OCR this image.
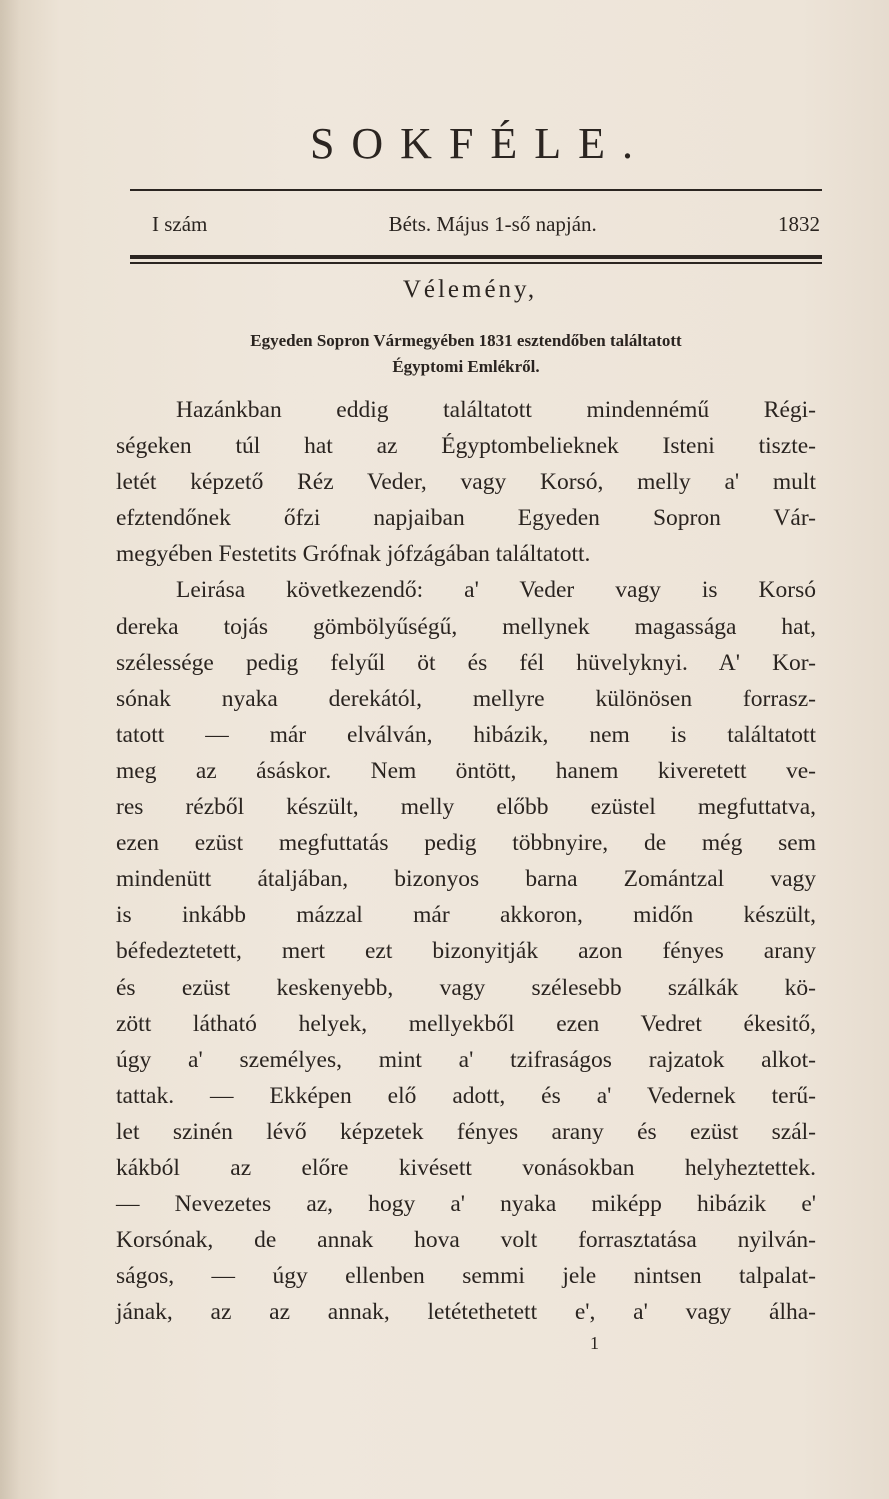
SOKFÉLE.
I szám	Béts. Május 1-ső napján.	1832
Vélemény,
Egyeden Sopron Vármegyében 1831 esztendőben találtatott
Égyptomi Emlékről.
Hazánkban eddig találtatott mindennémű Régi-
ségeken túl hat az Égyptombelieknek Isteni tiszte-
letét képzető Réz Veder, vagy Korsó, melly a' mult
efztendőnek őfzi napjaiban Egyeden Sopron Vár-
megyében Festetits Grófnak jófzágában találtatott.
Leirása következendő: a' Veder vagy is Korsó
dereka tojás gömbölyűségű, mellynek magassága hat,
szélessége pedig felyűl öt és fél hüvelyknyi. A' Kor-
sónak nyaka derekától, mellyre különösen forrasz-
tatott — már elválván, hibázik, nem is találtatott
meg az ásáskor. Nem öntött, hanem kiveretett ve-
res rézből készült, melly előbb ezüstel megfuttatva,
ezen ezüst megfuttatás pedig többnyire, de még sem
mindenütt átaljában, bizonyos barna Zomántzal vagy
is inkább mázzal már akkoron, midőn készült,
béfedeztetett, mert ezt bizonyitják azon fényes arany
és ezüst keskenyebb, vagy szélesebb szálkák kö-
zött látható helyek, mellyekből ezen Vedret ékesitő,
úgy a' személyes, mint a' tzifraságos rajzatok alkot-
tattak. — Ekképen elő adott, és a' Vedernek terű-
let szinén lévő képzetek fényes arany és ezüst szál-
kákból az előre kivésett vonásokban helyheztettek.
— Nevezetes az, hogy a' nyaka miképp hibázik e'
Korsónak, de annak hova volt forrasztatása nyilván-
ságos, — úgy ellenben semmi jele nintsen talpalat-
jának, az az annak, letétethetett e', a' vagy álha-
1
